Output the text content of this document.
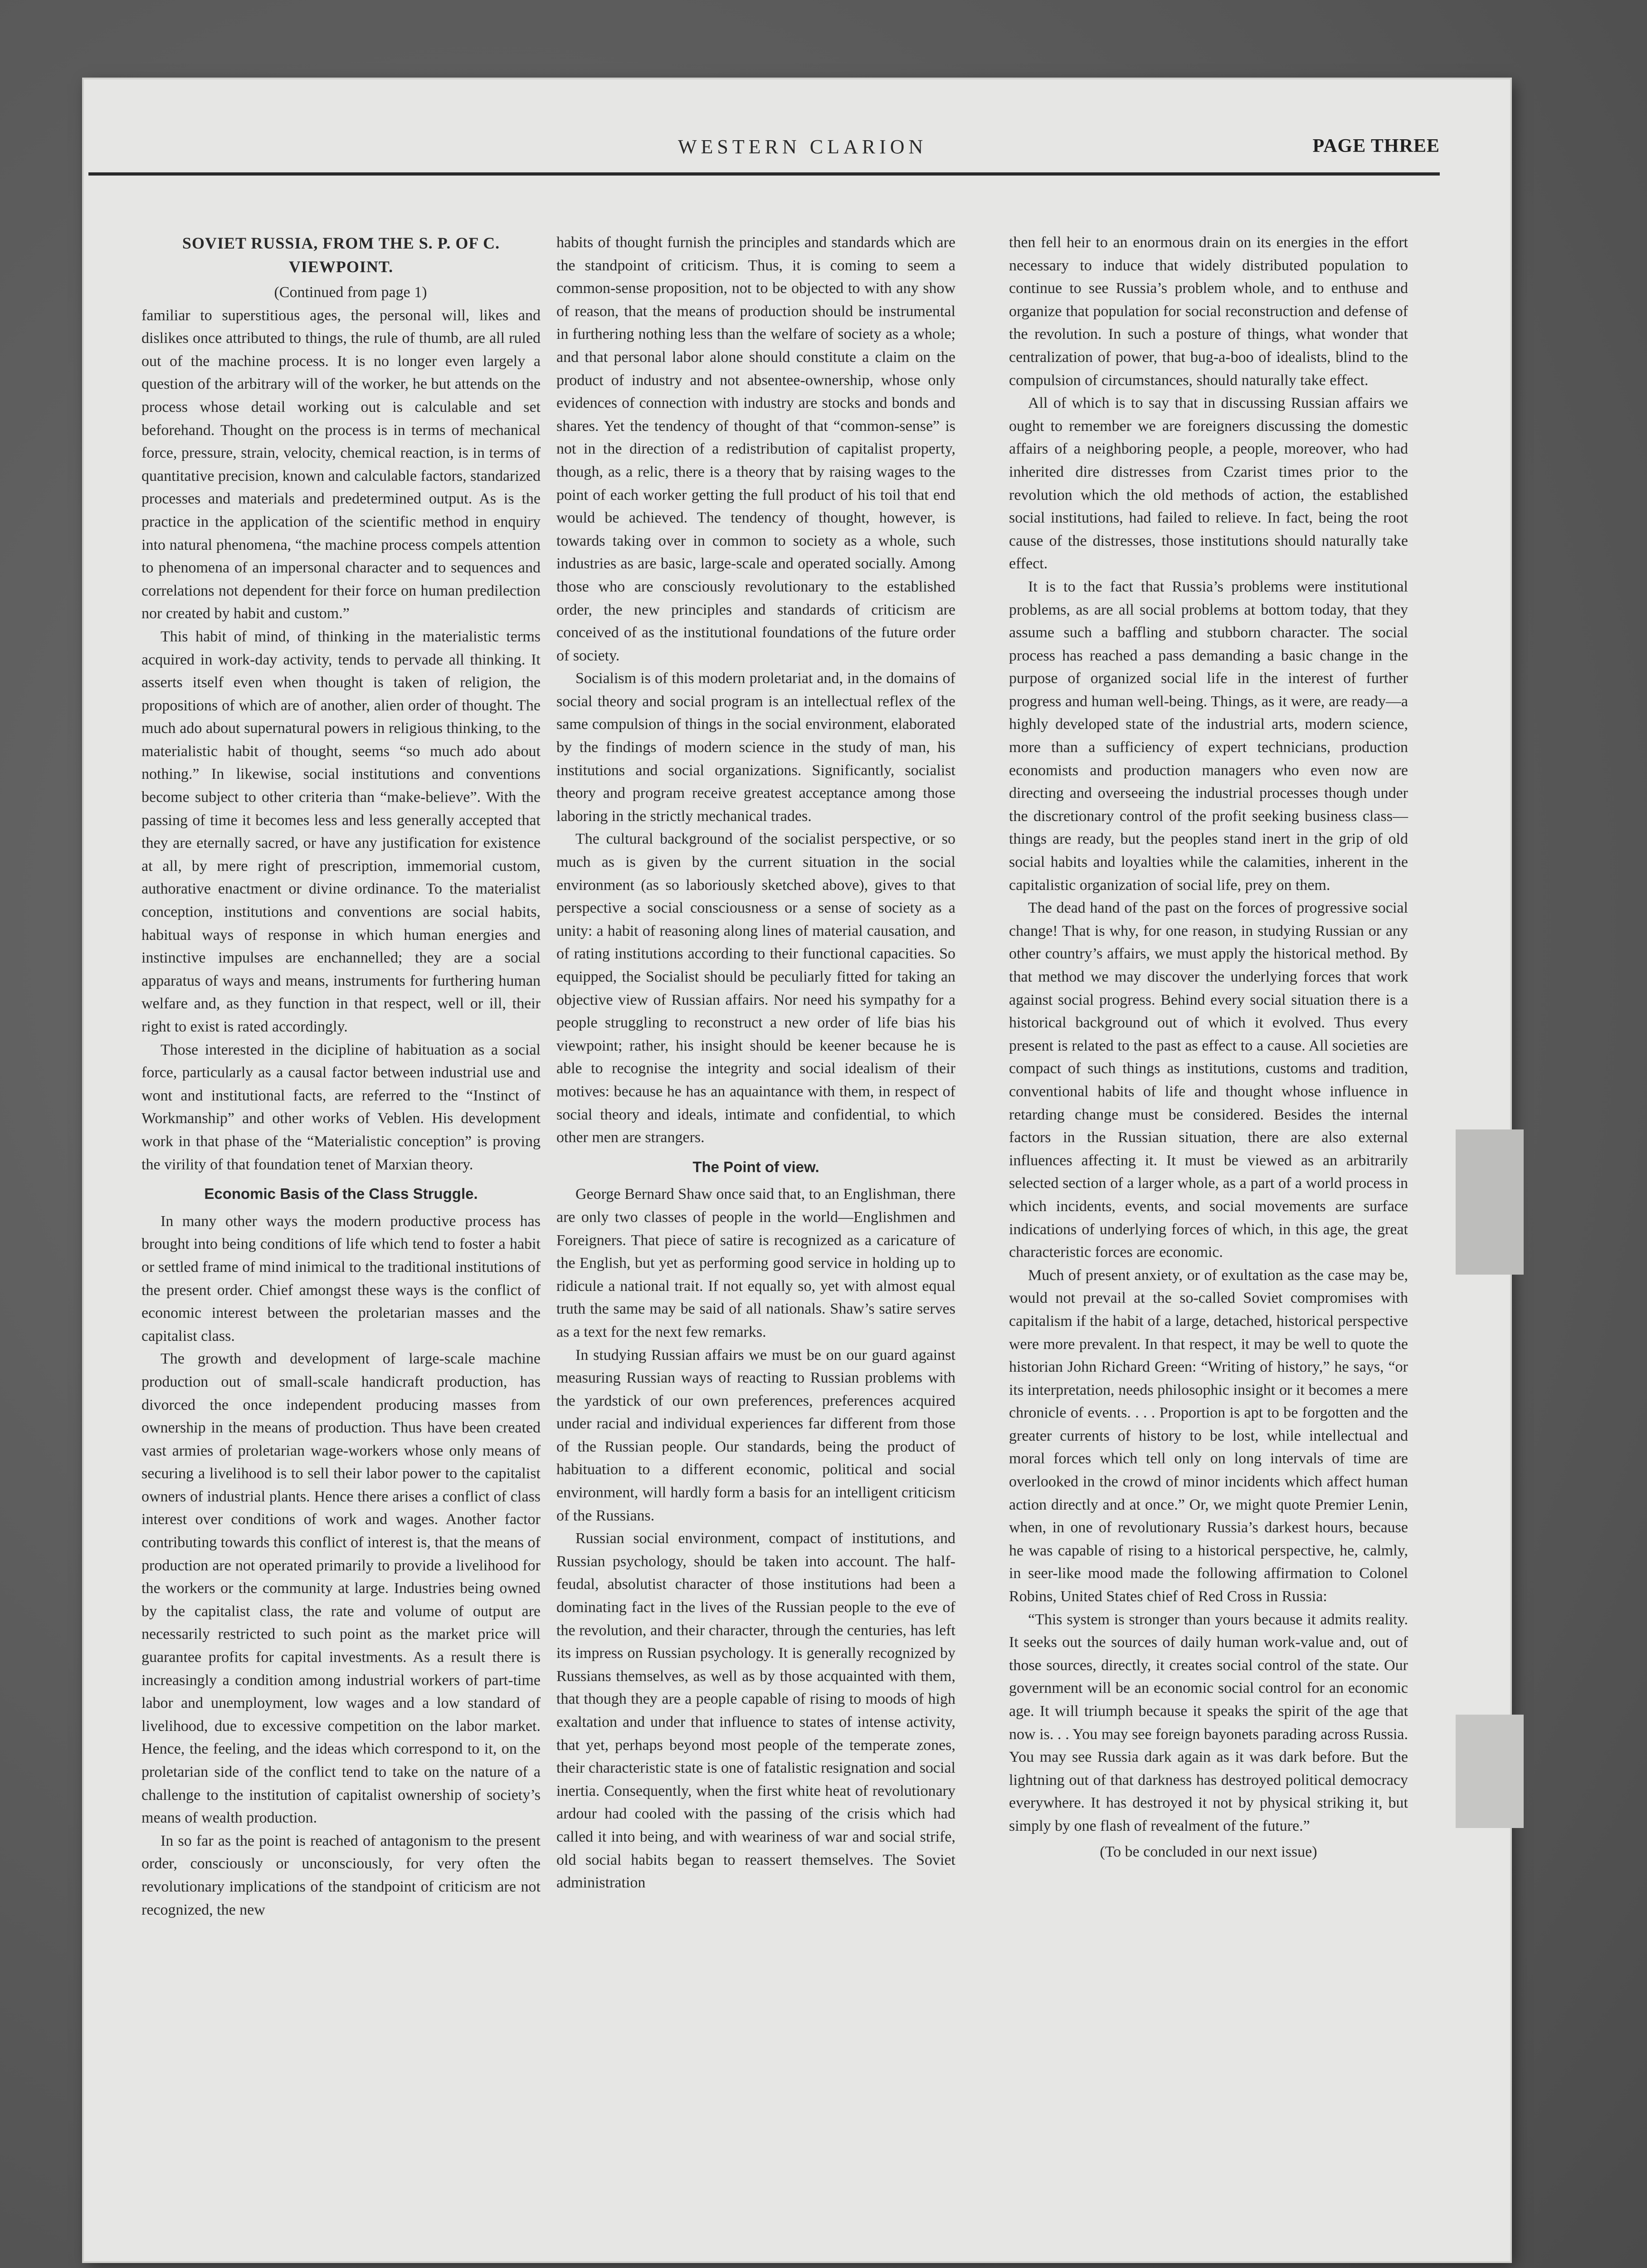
WESTERN CLARION	PAGE THREE
SOVIET RUSSIA, FROM THE S. P. OF C. VIEWPOINT.

(Continued from page 1)

familiar to superstitious ages, the personal will, likes and dislikes once attributed to things, the rule of thumb, are all ruled out of the machine process. It is no longer even largely a question of the arbitrary will of the worker, he but attends on the process whose detail working out is calculable and set beforehand. Thought on the process is in terms of mechanical force, pressure, strain, velocity, chemical reaction, is in terms of quantitative precision, known and calculable factors, standarized processes and materials and predetermined output. As is the practice in the application of the scientific method in enquiry into natural phenomena, “the machine process compels attention to phenomena of an impersonal character and to sequences and correlations not dependent for their force on human predilection nor created by habit and custom.”

This habit of mind, of thinking in the materialistic terms acquired in work-day activity, tends to pervade all thinking. It asserts itself even when thought is taken of religion, the propositions of which are of another, alien order of thought. The much ado about supernatural powers in religious thinking, to the materialistic habit of thought, seems “so much ado about nothing.” In likewise, social institutions and conventions become subject to other criteria than “make-believe”. With the passing of time it becomes less and less generally accepted that they are eternally sacred, or have any justification for existence at all, by mere right of prescription, immemorial custom, authorative enactment or divine ordinance. To the materialist conception, institutions and conventions are social habits, habitual ways of response in which human energies and instinctive impulses are enchannelled; they are a social apparatus of ways and means, instruments for furthering human welfare and, as they function in that respect, well or ill, their right to exist is rated accordingly.

Those interested in the dicipline of habituation as a social force, particularly as a causal factor between industrial use and wont and institutional facts, are referred to the “Instinct of Workmanship” and other works of Veblen. His development work in that phase of the “Materialistic conception” is proving the virility of that foundation tenet of Marxian theory.

Economic Basis of the Class Struggle.

In many other ways the modern productive process has brought into being conditions of life which tend to foster a habit or settled frame of mind inimical to the traditional institutions of the present order. Chief amongst these ways is the conflict of economic interest between the proletarian masses and the capitalist class.

The growth and development of large-scale machine production out of small-scale handicraft production, has divorced the once independent producing masses from ownership in the means of production. Thus have been created vast armies of proletarian wage-workers whose only means of securing a livelihood is to sell their labor power to the capitalist owners of industrial plants. Hence there arises a conflict of class interest over conditions of work and wages. Another factor contributing towards this conflict of interest is, that the means of production are not operated primarily to provide a livelihood for the workers or the community at large. Industries being owned by the capitalist class, the rate and volume of output are necessarily restricted to such point as the market price will guarantee profits for capital investments. As a result there is increasingly a condition among industrial workers of part-time labor and unemployment, low wages and a low standard of livelihood, due to excessive competition on the labor market. Hence, the feeling, and the ideas which correspond to it, on the proletarian side of the conflict tend to take on the nature of a challenge to the institution of capitalist ownership of society’s means of wealth production.

In so far as the point is reached of antagonism to the present order, consciously or unconsciously, for very often the revolutionary implications of the standpoint of criticism are not recognized, the new

habits of thought furnish the principles and standards which are the standpoint of criticism. Thus, it is coming to seem a common-sense proposition, not to be objected to with any show of reason, that the means of production should be instrumental in furthering nothing less than the welfare of society as a whole; and that personal labor alone should constitute a claim on the product of industry and not absentee-ownership, whose only evidences of connection with industry are stocks and bonds and shares. Yet the tendency of thought of that “common-sense” is not in the direction of a redistribution of capitalist property, though, as a relic, there is a theory that by raising wages to the point of each worker getting the full product of his toil that end would be achieved. The tendency of thought, however, is towards taking over in common to society as a whole, such industries as are basic, large-scale and operated socially. Among those who are consciously revolutionary to the established order, the new principles and standards of criticism are conceived of as the institutional foundations of the future order of society.

Socialism is of this modern proletariat and, in the domains of social theory and social program is an intellectual reflex of the same compulsion of things in the social environment, elaborated by the findings of modern science in the study of man, his institutions and social organizations. Significantly, socialist theory and program receive greatest acceptance among those laboring in the strictly mechanical trades.

The cultural background of the socialist perspective, or so much as is given by the current situation in the social environment (as so laboriously sketched above), gives to that perspective a social consciousness or a sense of society as a unity: a habit of reasoning along lines of material causation, and of rating institutions according to their functional capacities. So equipped, the Socialist should be peculiarly fitted for taking an objective view of Russian affairs. Nor need his sympathy for a people struggling to reconstruct a new order of life bias his viewpoint; rather, his insight should be keener because he is able to recognise the integrity and social idealism of their motives: because he has an aquaintance with them, in respect of social theory and ideals, intimate and confidential, to which other men are strangers.

The Point of view.

George Bernard Shaw once said that, to an Englishman, there are only two classes of people in the world—Englishmen and Foreigners. That piece of satire is recognized as a caricature of the English, but yet as performing good service in holding up to ridicule a national trait. If not equally so, yet with almost equal truth the same may be said of all nationals. Shaw’s satire serves as a text for the next few remarks.

In studying Russian affairs we must be on our guard against measuring Russian ways of reacting to Russian problems with the yardstick of our own preferences, preferences acquired under racial and individual experiences far different from those of the Russian people. Our standards, being the product of habituation to a different economic, political and social environment, will hardly form a basis for an intelligent criticism of the Russians.

Russian social environment, compact of institutions, and Russian psychology, should be taken into account. The half-feudal, absolutist character of those institutions had been a dominating fact in the lives of the Russian people to the eve of the revolution, and their character, through the centuries, has left its impress on Russian psychology. It is generally recognized by Russians themselves, as well as by those acquainted with them, that though they are a people capable of rising to moods of high exaltation and under that influence to states of intense activity, that yet, perhaps beyond most people of the temperate zones, their characteristic state is one of fatalistic resignation and social inertia. Consequently, when the first white heat of revolutionary ardour had cooled with the passing of the crisis which had called it into being, and with weariness of war and social strife, old social habits began to reassert themselves. The Soviet administration

then fell heir to an enormous drain on its energies in the effort necessary to induce that widely distributed population to continue to see Russia’s problem whole, and to enthuse and organize that population for social reconstruction and defense of the revolution. In such a posture of things, what wonder that centralization of power, that bug-a-boo of idealists, blind to the compulsion of circumstances, should naturally take effect.

All of which is to say that in discussing Russian affairs we ought to remember we are foreigners discussing the domestic affairs of a neighboring people, a people, moreover, who had inherited dire distresses from Czarist times prior to the revolution which the old methods of action, the established social institutions, had failed to relieve. In fact, being the root cause of the distresses, those institutions should naturally take effect.

It is to the fact that Russia’s problems were institutional problems, as are all social problems at bottom today, that they assume such a baffling and stubborn character. The social process has reached a pass demanding a basic change in the purpose of organized social life in the interest of further progress and human well-being. Things, as it were, are ready—a highly developed state of the industrial arts, modern science, more than a sufficiency of expert technicians, production economists and production managers who even now are directing and overseeing the industrial processes though under the discretionary control of the profit seeking business class—things are ready, but the peoples stand inert in the grip of old social habits and loyalties while the calamities, inherent in the capitalistic organization of social life, prey on them.

The dead hand of the past on the forces of progressive social change! That is why, for one reason, in studying Russian or any other country’s affairs, we must apply the historical method. By that method we may discover the underlying forces that work against social progress. Behind every social situation there is a historical background out of which it evolved. Thus every present is related to the past as effect to a cause. All societies are compact of such things as institutions, customs and tradition, conventional habits of life and thought whose influence in retarding change must be considered. Besides the internal factors in the Russian situation, there are also external influences affecting it. It must be viewed as an arbitrarily selected section of a larger whole, as a part of a world process in which incidents, events, and social movements are surface indications of underlying forces of which, in this age, the great characteristic forces are economic.

Much of present anxiety, or of exultation as the case may be, would not prevail at the so-called Soviet compromises with capitalism if the habit of a large, detached, historical perspective were more prevalent. In that respect, it may be well to quote the historian John Richard Green: “Writing of history,” he says, “or its interpretation, needs philosophic insight or it becomes a mere chronicle of events. . . . Proportion is apt to be forgotten and the greater currents of history to be lost, while intellectual and moral forces which tell only on long intervals of time are overlooked in the crowd of minor incidents which affect human action directly and at once.” Or, we might quote Premier Lenin, when, in one of revolutionary Russia’s darkest hours, because he was capable of rising to a historical perspective, he, calmly, in seer-like mood made the following affirmation to Colonel Robins, United States chief of Red Cross in Russia:

“This system is stronger than yours because it admits reality. It seeks out the sources of daily human work-value and, out of those sources, directly, it creates social control of the state. Our government will be an economic social control for an economic age. It will triumph because it speaks the spirit of the age that now is. . . You may see foreign bayonets parading across Russia. You may see Russia dark again as it was dark before. But the lightning out of that darkness has destroyed political democracy everywhere. It has destroyed it not by physical striking it, but simply by one flash of revealment of the future.”

(To be concluded in our next issue)
